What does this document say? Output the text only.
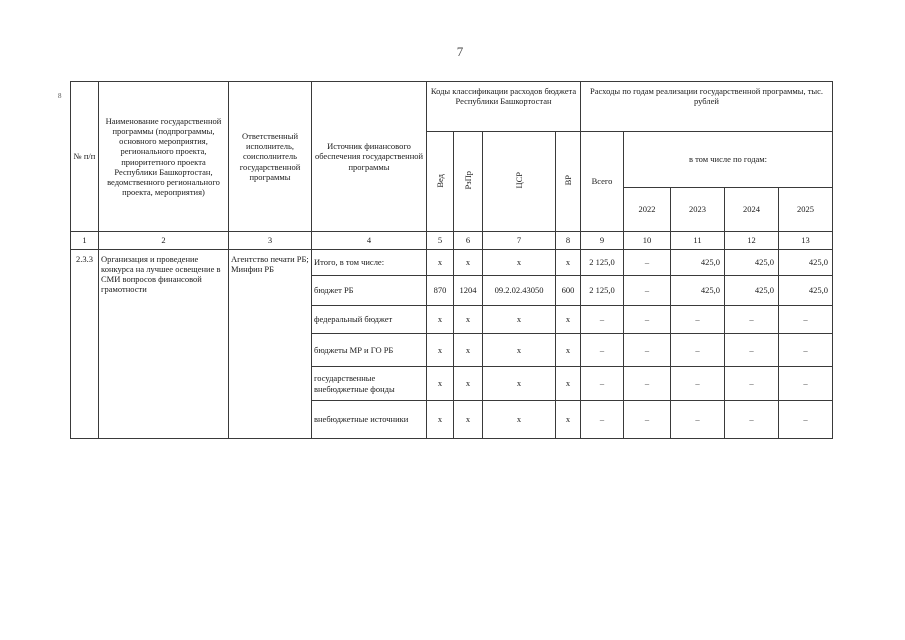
7
8
№ п/п	Наименование государственной программы (подпрограммы, основного мероприятия, регионального проекта, приоритетного проекта Республики Башкортостан, ведомственного регионального проекта, мероприятия)	Ответственный исполнитель, соисполнитель государственной программы	Источник финансового обеспечения государственной программы	Коды классификации расходов бюджета Республики Башкортостан				Расходы по годам реализации государственной программы, тыс. рублей				
				Вед	РзПр	ЦСР	ВР	Всего	в том числе по годам:			
									2022	2023	2024	2025
1	2	3	4	5	6	7	8	9	10	11	12	13
2.3.3	Организация и проведение конкурса на лучшее освещение в СМИ вопросов финансовой грамотности	Агентство печати РБ; Минфин РБ	Итого, в том числе:	x	x	x	x	2 125,0	–	425,0	425,0	425,0
			бюджет РБ	870	1204	09.2.02.43050	600	2 125,0	–	425,0	425,0	425,0
			федеральный бюджет	x	x	x	x	–	–	–	–	–
			бюджеты МР и ГО РБ	x	x	x	x	–	–	–	–	–
			государственные внебюджетные фонды	x	x	x	x	–	–	–	–	–
			внебюджетные источники	x	x	x	x	–	–	–	–	–
